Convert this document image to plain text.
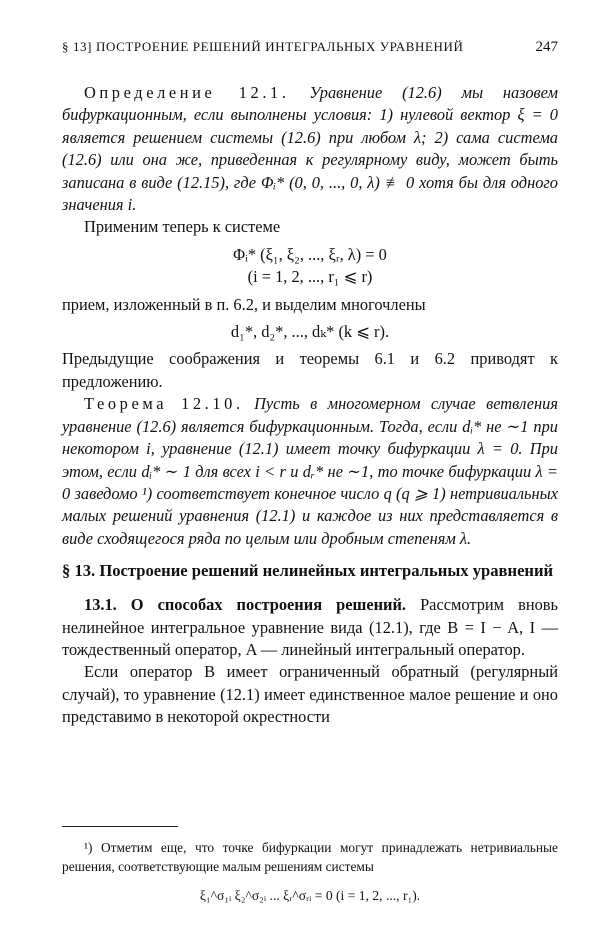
§ 13] ПОСТРОЕНИЕ РЕШЕНИЙ ИНТЕГРАЛЬНЫХ УРАВНЕНИЙ	247

Определение 12.1. Уравнение (12.6) мы назовем бифуркационным, если выполнены условия: 1) нулевой вектор ξ = 0 является решением системы (12.6) при любом λ; 2) сама система (12.6) или она же, приведенная к регулярному виду, может быть записана в виде (12.15), где Φᵢ* (0, 0, ..., 0, λ) ≢ 0 хотя бы для одного значения i.

Применим теперь к системе

Φᵢ* (ξ₁, ξ₂, ..., ξᵣ, λ) = 0
(i = 1, 2, ..., r₁ ⩽ r)

прием, изложенный в п. 6.2, и выделим многочлены

d₁*, d₂*, ..., dₖ* (k ⩽ r).

Предыдущие соображения и теоремы 6.1 и 6.2 приводят к предложению.

Теорема 12.10. Пусть в многомерном случае ветвления уравнение (12.6) является бифуркационным. Тогда, если dᵢ* не ∼1 при некотором i, уравнение (12.1) имеет точку бифуркации λ = 0. При этом, если dᵢ* ∼ 1 для всех i < r и dᵣ* не ∼1, то точке бифуркации λ = 0 заведомо ¹) соответствует конечное число q (q ⩾ 1) нетривиальных малых решений уравнения (12.1) и каждое из них представляется в виде сходящегося ряда по целым или дробным степеням λ.

§ 13. Построение решений нелинейных интегральных уравнений

13.1. О способах построения решений. Рассмотрим вновь нелинейное интегральное уравнение вида (12.1), где B = I − A, I — тождественный оператор, A — линейный интегральный оператор.

Если оператор B имеет ограниченный обратный (регулярный случай), то уравнение (12.1) имеет единственное малое решение и оно представимо в некоторой окрестности

¹) Отметим еще, что точке бифуркации могут принадлежать нетривиальные решения, соответствующие малым решениям системы
ξ₁^σ₁ᵢ ξ₂^σ₂ᵢ ... ξᵣ^σᵣᵢ = 0 (i = 1, 2, ..., r₁).
